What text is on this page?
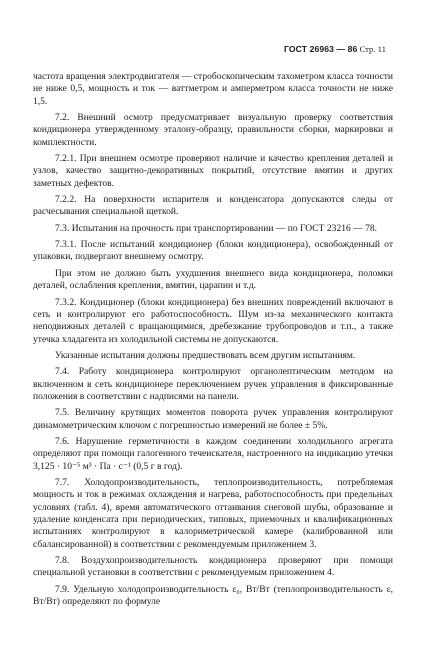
ГОСТ 26963 — 86 Стр. 11

частота вращения электродвигателя — стробоскопическим тахометром класса точности не ниже 0,5, мощность и ток — ваттметром и амперметром класса точности не ниже 1,5.

7.2. Внешний осмотр предусматривает визуальную проверку соответствия кондиционера утвержденному эталону-образцу, правильности сборки, маркировки и комплектности.

7.2.1. При внешнем осмотре проверяют наличие и качество крепления деталей и узлов, качество защитно-декоративных покрытий, отсутствие вмятин и других заметных дефектов.

7.2.2. На поверхности испарителя и конденсатора допускаются следы от расчесывания специальной щеткой.

7.3. Испытания на прочность при транспортировании — по ГОСТ 23216 — 78.

7.3.1. После испытаний кондиционер (блоки кондиционера), освобожденный от упаковки, подвергают внешнему осмотру.

При этом не должно быть ухудшения внешнего вида кондиционера, поломки деталей, ослабления крепления, вмятин, царапин и т.д.

7.3.2. Кондиционер (блоки кондиционера) без внешних повреждений включают в сеть и контролируют его работоспособность. Шум из-за механического контакта неподвижных деталей с вращающимися, дребезжание трубопроводов и т.п., а также утечка хладагента из холодильной системы не допускаются.

Указанные испытания должны предшествовать всем другим испытаниям.

7.4. Работу кондиционера контролируют органолептическим методом на включенном в сеть кондиционере переключением ручек управления в фиксированные положения в соответствии с надписями на панели.

7.5. Величину крутящих моментов поворота ручек управления контролируют динамометрическим ключом с погрешностью измерений не более ± 5%.

7.6. Нарушение герметичности в каждом соединении холодильного агрегата определяют при помощи галогенного течеискателя, настроенного на индикацию утечки 3,125 · 10⁻⁵ м³ · Па · с⁻¹ (0,5 г в год).

7.7. Холодопроизводительность, теплопроизводительность, потребляемая мощность и ток в режимах охлаждения и нагрева, работоспособность при предельных условиях (табл. 4), время автоматического оттаивания снеговой шубы, образование и удаление конденсата при периодических, типовых, приемочных и квалификационных испытаниях контролируют в калориметрической камере (калиброванной или сбалансированной) в соответствии с рекомендуемым приложением 3.

7.8. Воздухопроизводительность кондиционера проверяют при помощи специальной установки в соответствии с рекомендуемым приложением 4.

7.9. Удельную холодопроизводительность ε₀, Вт/Вт (теплопроизводительность ε, Вт/Вт) определяют по формуле
